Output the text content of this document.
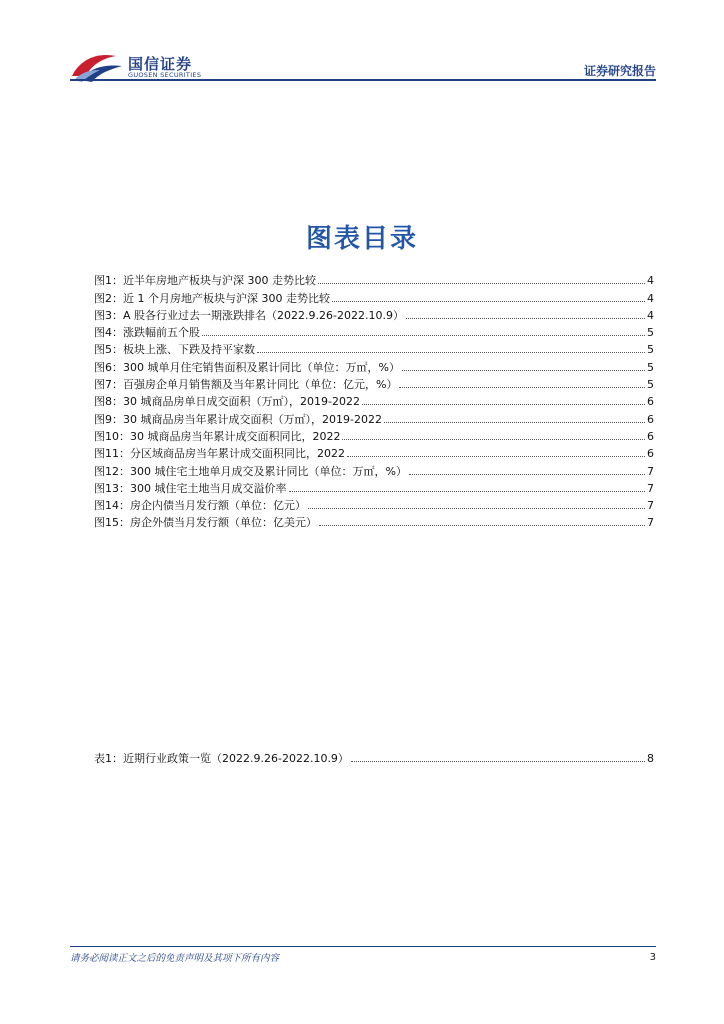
国信证券
GUOSEN SECURITIES	证券研究报告
图表目录
图1：近半年房地产板块与沪深 300 走势比较	4
图2：近 1 个月房地产板块与沪深 300 走势比较	4
图3：A 股各行业过去一期涨跌排名（2022.9.26-2022.10.9）	4
图4：涨跌幅前五个股	5
图5：板块上涨、下跌及持平家数	5
图6：300 城单月住宅销售面积及累计同比（单位：万㎡，%）	5
图7：百强房企单月销售额及当年累计同比（单位：亿元，%）	5
图8：30 城商品房单日成交面积（万㎡），2019-2022	6
图9：30 城商品房当年累计成交面积（万㎡），2019-2022	6
图10：30 城商品房当年累计成交面积同比，2022	6
图11：分区域商品房当年累计成交面积同比，2022	6
图12：300 城住宅土地单月成交及累计同比（单位：万㎡，%）	7
图13：300 城住宅土地当月成交溢价率	7
图14：房企内债当月发行额（单位：亿元）	7
图15：房企外债当月发行额（单位：亿美元）	7
表1：近期行业政策一览（2022.9.26-2022.10.9）	8
请务必阅读正文之后的免责声明及其项下所有内容	3
